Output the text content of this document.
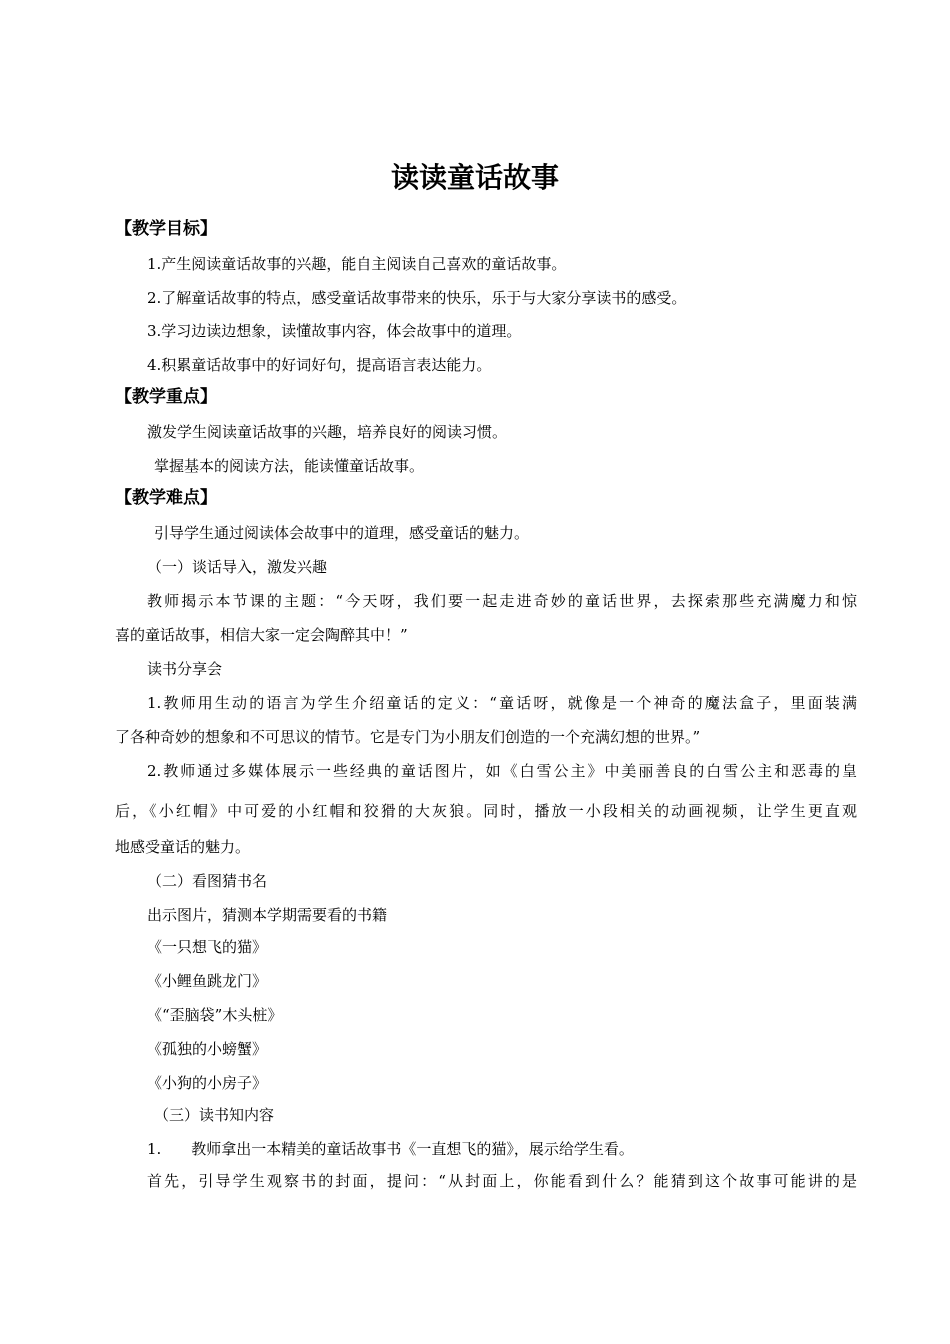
读读童话故事
【教学目标】
1.产生阅读童话故事的兴趣，能自主阅读自己喜欢的童话故事。
2.了解童话故事的特点，感受童话故事带来的快乐，乐于与大家分享读书的感受。
3.学习边读边想象，读懂故事内容，体会故事中的道理。
4.积累童话故事中的好词好句，提高语言表达能力。
【教学重点】
激发学生阅读童话故事的兴趣，培养良好的阅读习惯。
掌握基本的阅读方法，能读懂童话故事。
【教学难点】
引导学生通过阅读体会故事中的道理，感受童话的魅力。
（一）谈话导入，激发兴趣
教师揭示本节课的主题：“今天呀，我们要一起走进奇妙的童话世界，去探索那些充满魔力和惊
喜的童话故事，相信大家一定会陶醉其中！”
读书分享会
1.教师用生动的语言为学生介绍童话的定义：“童话呀，就像是一个神奇的魔法盒子，里面装满
了各种奇妙的想象和不可思议的情节。它是专门为小朋友们创造的一个充满幻想的世界。”
2.教师通过多媒体展示一些经典的童话图片，如《白雪公主》中美丽善良的白雪公主和恶毒的皇
后，《小红帽》中可爱的小红帽和狡猾的大灰狼。同时，播放一小段相关的动画视频，让学生更直观
地感受童话的魅力。
（二）看图猜书名
出示图片，猜测本学期需要看的书籍
《一只想飞的猫》
《小鲤鱼跳龙门》
《“歪脑袋”木头桩》
《孤独的小螃蟹》
《小狗的小房子》
（三）读书知内容
1.　　教师拿出一本精美的童话故事书《一直想飞的猫》，展示给学生看。
首先，引导学生观察书的封面，提问：“从封面上，你能看到什么？能猜到这个故事可能讲的是
